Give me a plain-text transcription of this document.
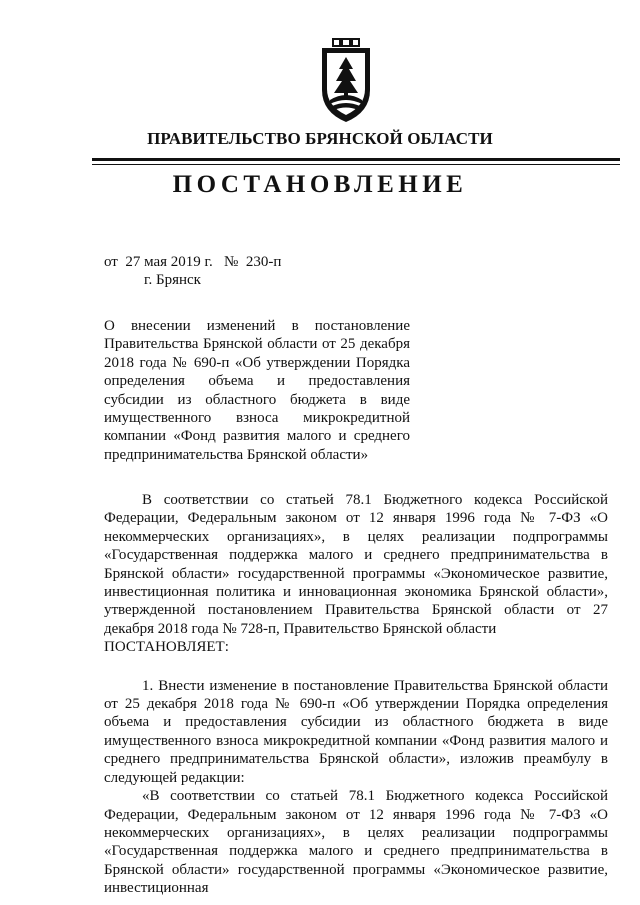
ПРАВИТЕЛЬСТВО БРЯНСКОЙ ОБЛАСТИ
ПОСТАНОВЛЕНИЕ
от  27 мая 2019 г.   №  230-п
г. Брянск
О внесении изменений в постановление Правительства Брянской области от 25 декабря 2018 года № 690-п «Об утверждении Порядка определения объема и предоставления субсидии из областного бюджета в виде имущественного взноса микрокредитной компании «Фонд развития малого и среднего предпринимательства Брянской области»

В соответствии со статьей 78.1 Бюджетного кодекса Российской Федерации, Федеральным законом от 12 января 1996 года № 7-ФЗ «О некоммерческих организациях», в целях реализации подпрограммы «Государственная поддержка малого и среднего предпринимательства в Брянской области» государственной программы «Экономическое развитие, инвестиционная политика и инновационная экономика Брянской области», утвержденной постановлением Правительства Брянской области от 27 декабря 2018 года № 728-п, Правительство Брянской области

ПОСТАНОВЛЯЕТ:

1. Внести изменение в постановление Правительства Брянской области от 25 декабря 2018 года № 690-п «Об утверждении Порядка определения объема и предоставления субсидии из областного бюджета в виде имущественного взноса микрокредитной компании «Фонд развития малого и среднего предпринимательства Брянской области», изложив преамбулу в следующей редакции:

«В соответствии со статьей 78.1 Бюджетного кодекса Российской Федерации, Федеральным законом от 12 января 1996 года № 7-ФЗ «О некоммерческих организациях», в целях реализации подпрограммы «Государственная поддержка малого и среднего предпринимательства в Брянской области» государственной программы «Экономическое развитие, инвестиционная
